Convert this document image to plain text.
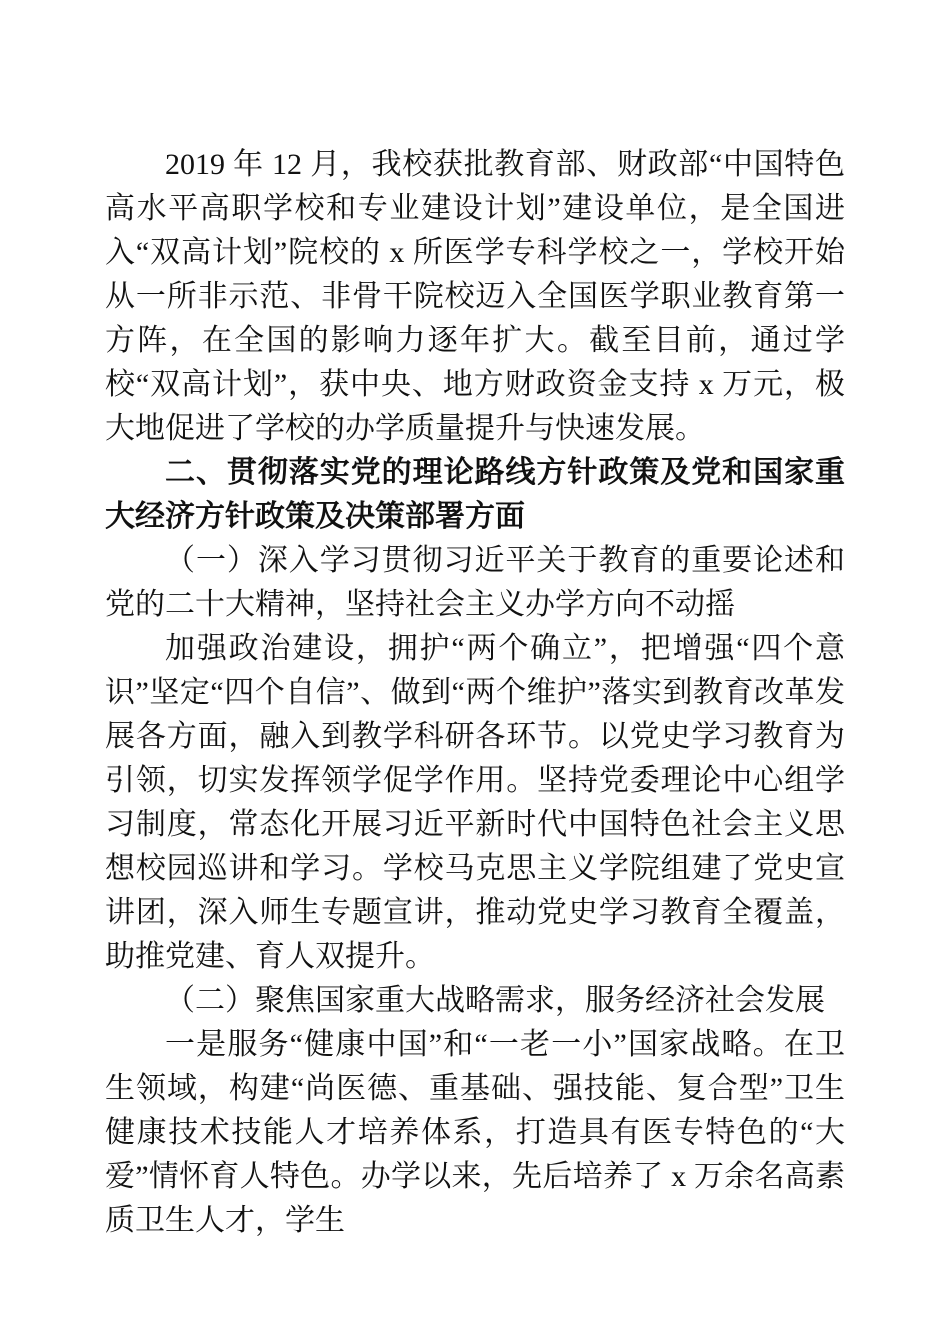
2019 年 12 月，我校获批教育部、财政部“中国特色高水平高职学校和专业建设计划”建设单位，是全国进入“双高计划”院校的 x 所医学专科学校之一，学校开始从一所非示范、非骨干院校迈入全国医学职业教育第一方阵，在全国的影响力逐年扩大。截至目前，通过学校“双高计划”，获中央、地方财政资金支持 x 万元，极大地促进了学校的办学质量提升与快速发展。

二、贯彻落实党的理论路线方针政策及党和国家重大经济方针政策及决策部署方面
（一）深入学习贯彻习近平关于教育的重要论述和党的二十大精神，坚持社会主义办学方向不动摇

加强政治建设，拥护“两个确立”，把增强“四个意识”坚定“四个自信”、做到“两个维护”落实到教育改革发展各方面，融入到教学科研各环节。以党史学习教育为引领，切实发挥领学促学作用。坚持党委理论中心组学习制度，常态化开展习近平新时代中国特色社会主义思想校园巡讲和学习。学校马克思主义学院组建了党史宣讲团，深入师生专题宣讲，推动党史学习教育全覆盖，助推党建、育人双提升。

（二）聚焦国家重大战略需求，服务经济社会发展

一是服务“健康中国”和“一老一小”国家战略。在卫生领域，构建“尚医德、重基础、强技能、复合型”卫生健康技术技能人才培养体系，打造具有医专特色的“大爱”情怀育人特色。办学以来，先后培养了 x 万余名高素质卫生人才，学生
